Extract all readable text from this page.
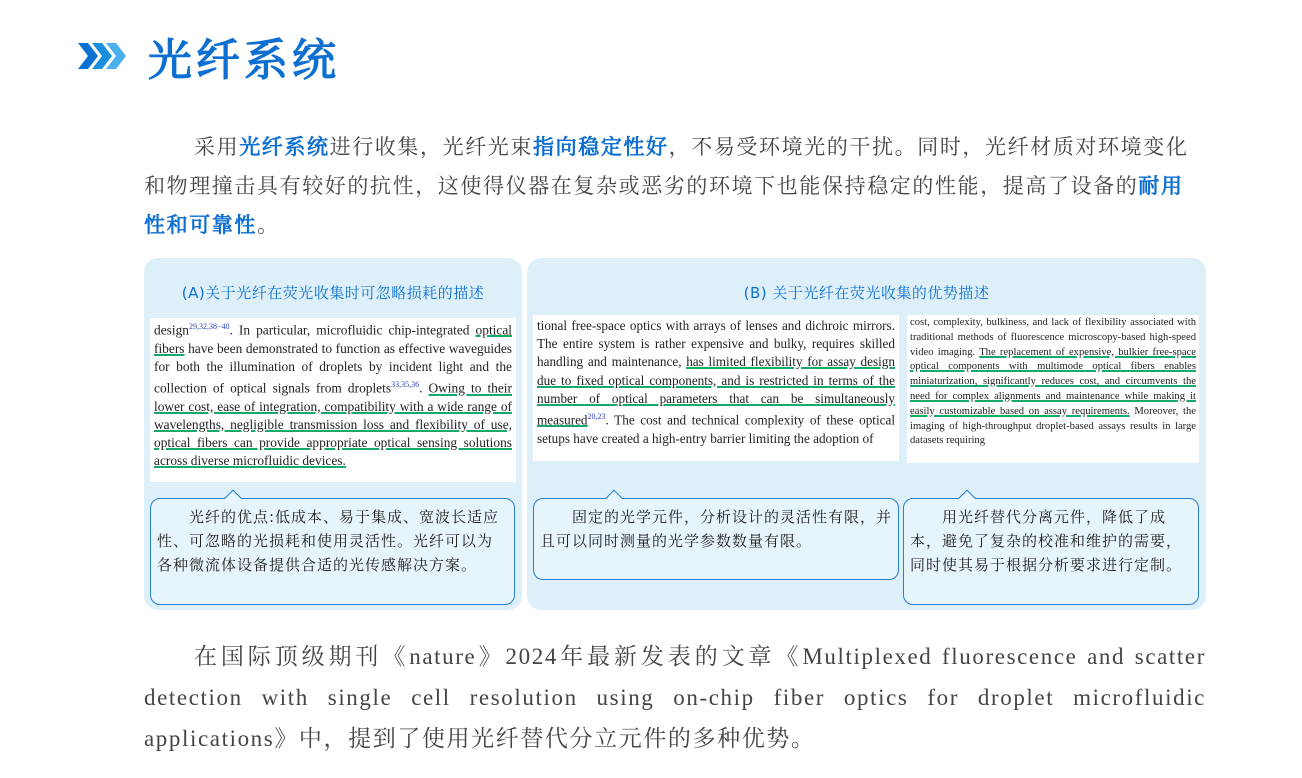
光纤系统

采用光纤系统进行收集，光纤光束指向稳定性好，不易受环境光的干扰。同时，光纤材质对环境变化和物理撞击具有较好的抗性，这使得仪器在复杂或恶劣的环境下也能保持稳定的性能，提高了设备的耐用性和可靠性。

(A)关于光纤在荧光收集时可忽略损耗的描述	(B) 关于光纤在荧光收集的优势描述
design$^{29,32,38-40}$. In particular, microfluidic chip-integrated optical fibers have been demonstrated to function as effective waveguides for both the illumination of droplets by incident light and the collection of optical signals from droplets$^{33,35,36}$. Owing to their lower cost, ease of integration, compatibility with a wide range of wavelengths, negligible transmission loss and flexibility of use, optical fibers can provide appropriate optical sensing solutions across diverse microfluidic devices.
tional free-space optics with arrays of lenses and dichroic mirrors. The entire system is rather expensive and bulky, requires skilled handling and maintenance, has limited flexibility for assay design due to fixed optical components, and is restricted in terms of the number of optical parameters that can be simultaneously measured$^{20,23}$. The cost and technical complexity of these optical setups have created a high-entry barrier limiting the adoption of
cost, complexity, bulkiness, and lack of flexibility associated with traditional methods of fluorescence microscopy-based high-speed video imaging. The replacement of expensive, bulkier free-space optical components with multimode optical fibers enables miniaturization, significantly reduces cost, and circumvents the need for complex alignments and maintenance while making it easily customizable based on assay requirements. Moreover, the imaging of high-throughput droplet-based assays results in large datasets requiring
光纤的优点:低成本、易于集成、宽波长适应性、可忽略的光损耗和使用灵活性。光纤可以为各种微流体设备提供合适的光传感解决方案。
固定的光学元件，分析设计的灵活性有限，并且可以同时测量的光学参数数量有限。
用光纤替代分离元件，降低了成本，避免了复杂的校准和维护的需要，同时使其易于根据分析要求进行定制。

在国际顶级期刊《nature》2024年最新发表的文章《Multiplexed fluorescence and scatter detection with single cell resolution using on-chip fiber optics for droplet microfluidic applications》中，提到了使用光纤替代分立元件的多种优势。
